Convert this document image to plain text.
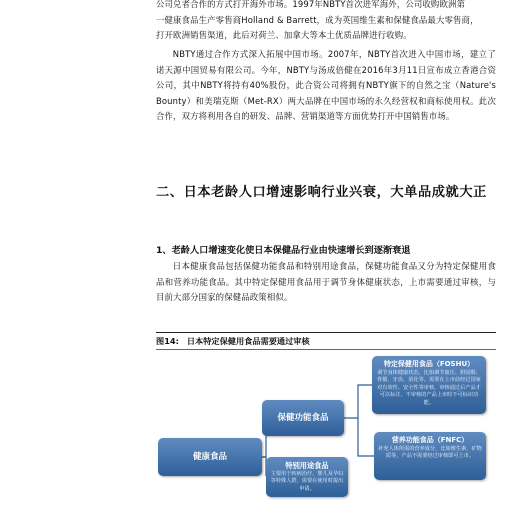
公司兑者合作的方式打开海外市场。1997年NBTY首次进军海外，公司收购欧洲第

一健康食品生产零售商Holland & Barrett，成为英国维生素和保健食品最大零售商，

打开欧洲销售渠道，此后对荷兰、加拿大等本土优质品牌进行收购。

NBTY通过合作方式深入拓展中国市场。2007年，NBTY首次进入中国市场，建立了诺天源中国贸易有限公司。今年，NBTY与汤成倍健在2016年3月11日宣布成立香港合资公司，其中NBTY将持有40%股份，此合资公司将拥有NBTY旗下的自然之宝（Nature's Bounty）和美瑞克斯（Met-RX）两大品牌在中国市场的永久经营权和商标使用权。此次合作，双方将利用各自的研发、品牌、营销渠道等方面优势打开中国销售市场。

二、日本老龄人口增速影响行业兴衰，大单品成就大正
1、老龄人口增速变化使日本保健品行业由快速增长到逐渐衰退

日本健康食品包括保健功能食品和特别用途食品，保健功能食品又分为特定保健用食品和营养功能食品。其中特定保健用食品用于调节身体健康状态，上市需要通过审核，与目前大部分国家的保健品政策相似。

图14: 日本特定保健用食品需要通过审核
健康食品
保健功能食品
特别用途食品
主要用于疾病治疗，婴儿及孕妇等特殊人群，需要在使用时提出申请。
特定保健用食品（FOSHU）
调节身体健康状态，比如调节血压、胆固醇、骨骼、牙齿、消化等。需要在上市前经过国家对有效性、安全性等审核，审核通过后产品才可以标注，不审核的产品上市时不可标识功能。
营养功能食品（FNFC）
补充人体所需的营养成分，比如维生素、矿物质等，产品不需要经过审核即可上市。
